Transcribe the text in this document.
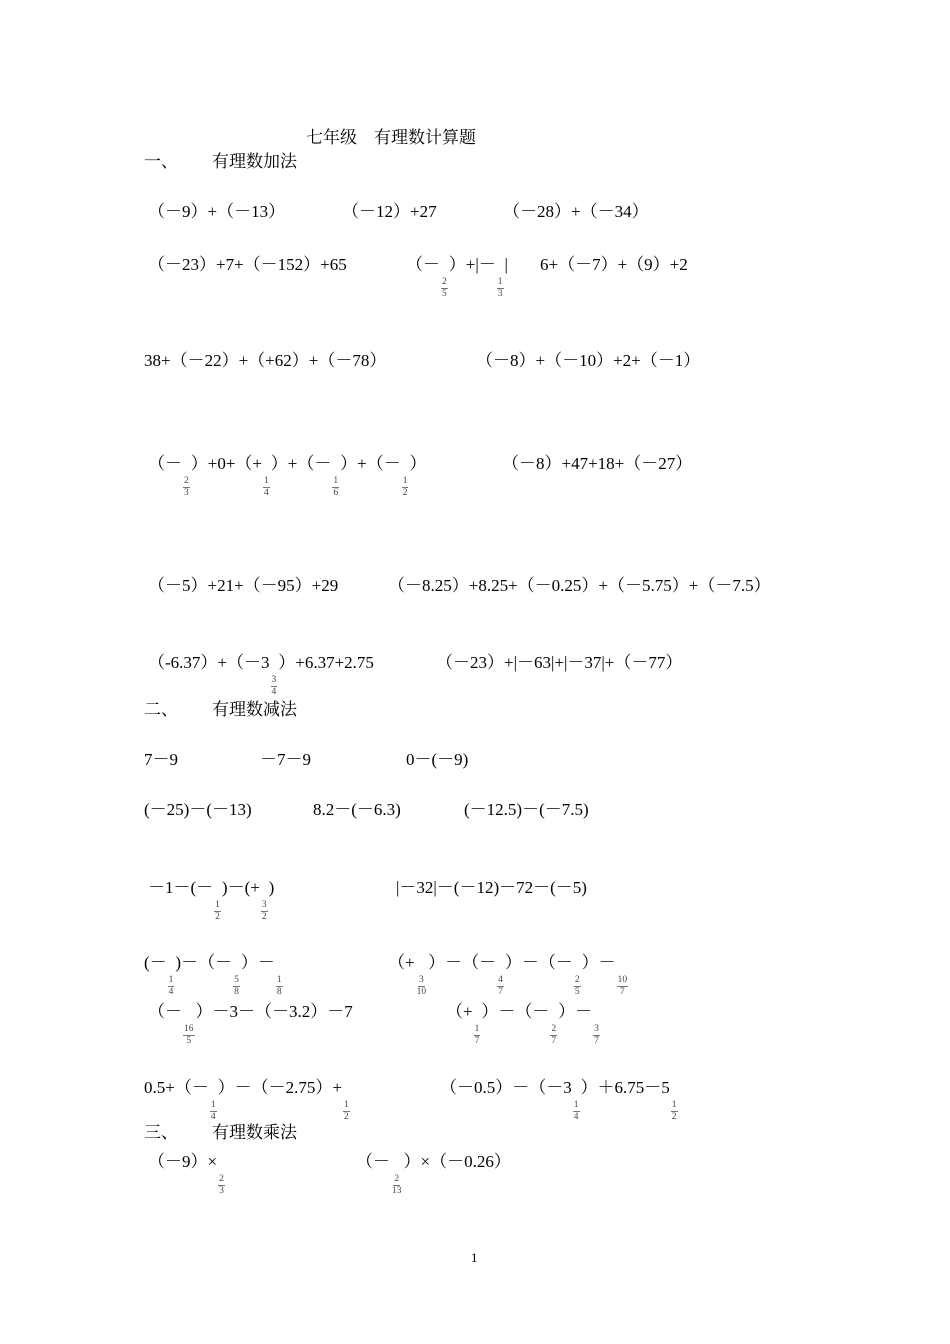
七年级　有理数计算题
一、 有理数加法
（－9）+（－13）	（－12）+27	（－28）+（－34）
（－23）+7+（－152）+65	（－
$\frac{2}{5}$
）+|－
$\frac{1}{3}$
| 6+（－7）+（9）+2
38+（－22）+（+62）+（－78）	（－8）+（－10）+2+（－1）
（－
$\frac{2}{3}$
）+0+（+
$\frac{1}{4}$
）+（－
$\frac{1}{6}$
）+（－
$\frac{1}{2}$
）	（－8）+47+18+（－27）
（－5）+21+（－95）+29	（－8.25）+8.25+（－0.25）+（－5.75）+（－7.5）
（-6.37）+（－3
$\frac{3}{4}$
）+6.37+2.75	（－23）+|－63|+|－37|+（－77）
二、 有理数减法
7－9	－7－9	0－(－9)
(－25)－(－13)	8.2－(－6.3)	(－12.5)－(－7.5)
－1－(－
$\frac{1}{2}$
)－(+
$\frac{3}{2}$
)	|－32|－(－12)－72－(－5)
(－
$\frac{1}{4}$
)－（－
$\frac{5}{8}$
）－
$\frac{1}{8}$
（+
$\frac{3}{10}$
）－（－
$\frac{4}{7}$
）－（－
$\frac{2}{5}$
）－
$\frac{10}{7}$
（－
$\frac{16}{5}$
）－3－（－3.2）－7	（+
$\frac{1}{7}$
）－（－
$\frac{2}{7}$
）－
$\frac{3}{7}$
0.5+（－
$\frac{1}{4}$
）－（－2.75）+
$\frac{1}{2}$
（－0.5）－（－3
$\frac{1}{4}$
）＋6.75－5
$\frac{1}{2}$
三、 有理数乘法
（－9）×
$\frac{2}{3}$
（－
$\frac{2}{13}$
）×（－0.26）
1
